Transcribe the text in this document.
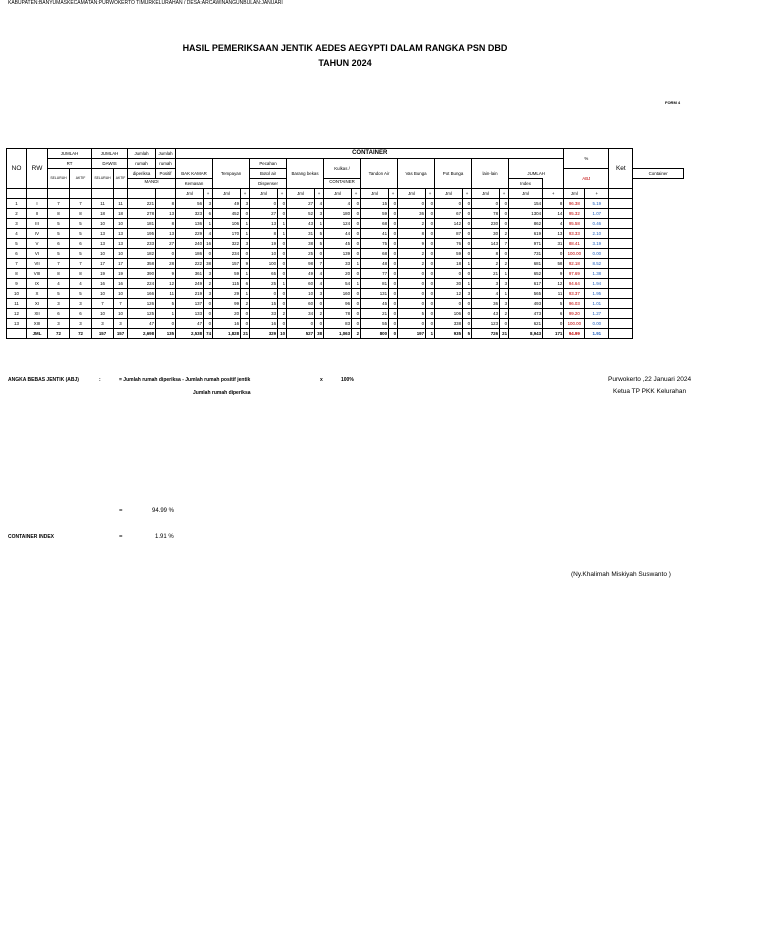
HASIL PEMERIKSAAN JENTIK AEDES AEGYPTI DALAM RANGKA PSN DBD
TAHUN 2024
FORM 4
KABUPATEN:BANYUMASKECAMATAN:PURWOKERTO TIMURKELURAHAN / DESA:ARCAWINANGUNBULAN:JANUARI
NO	RW	JUMLAH		JUMLAH		Jumlah	Jumlah	CONTAINER																				%		Ket	
		RT		DAWIS		rumah	rumah	BAK KAMAR		Tempayan		Pecahan		Barang bekas		Kulkas /		Tandon Air		Vas Bunga		Pot Bunga		lain-lain		JUMLAH					
		SELURUH	AKTIF	SELURUH	AKTIF	diperiksa	Positif					Botol air																ABJ			Container
						MANDI		Kemasan				Dispenser				CONTAINER										Index					
								Jml	+	Jml	+	Jml	+	Jml	+	Jml	+	Jml	+	Jml	+	Jml	+	Jml	+	Jml	+	Jml	+		
1	I	7	7	11	11	221	8	56	3	49	3	0	0	27	4	4	0	15	0	0	0	0	0	0	0	154	8	96.38	5.19		
2	II	8	8	18	18	278	13	323	6	452	0	27	0	52	3	180	0	59	0	36	0	67	0	78	0	1304	14	95.32	1.07		
3	III	5	5	10	10	181	8	136	1	106	1	13	1	43	1	124	0	68	0	2	0	142	0	230	0	862	4	95.58	0.46		
4	IV	5	5	13	13	195	13	229	4	170	1	8	1	31	5	44	0	41	0	8	0	87	0	30	2	619	13	93.33	2.10		
5	V	6	6	13	13	233	27	240	16	322	3	19	0	38	5	45	0	75	0	9	0	76	0	143	7	971	31	88.41	3.19		
6	VI	5	5	10	10	182	0	186	0	234	0	10	0	25	0	139	0	68	0	2	0	59	0	8	0	731	0	100.00	0.00		
7	VII	7	7	17	17	358	28	222	38	157	9	100	0	98	7	33	1	48	0	2	0	18	1	2	2	681	58	92.18	8.52		
8	VIII	8	8	19	19	390	9	361	3	59	1	65	0	49	4	20	0	77	0	0	0	0	0	21	1	652	9	97.69	1.38		
9	IX	4	4	16	16	224	12	249	2	115	6	25	1	60	4	54	1	81	0	0	0	30	1	3	3	617	12	94.64	1.94		
10	X	5	5	10	10	166	11	219	3	29	1	0	0	10	3	160	0	131	0	0	0	12	3	4	1	565	11	93.37	1.95		
11	XI	3	3	7	7	126	5	137	0	99	2	15	0	60	0	96	0	45	0	0	0	0	0	36	3	493	5	96.03	1.01		
12	XII	6	6	10	10	125	1	133	0	20	0	33	2	34	2	78	0	21	0	5	0	106	0	43	2	473	6	99.20	1.27		
13	XIII	3	3	3	3	47	0	47	0	16	0	16	0	0	0	83	0	55	0	0	0	338	0	123	0	621	0	100.00	0.00		
	JML	72	72	157	157	2,698	135	2,538	74	1,828	21	329	10	527	38	1,063	2	800	0	197	1	935	5	726	21	8,943	171	94.99	1.91		
ANGKA BEBAS JENTIK (ABJ)	:	= Jumlah rumah diperiksa - Jumlah rumah positif jentik	x	100%
Jumlah rumah diperiksa
Purwokerto ,22 Januari 2024
Ketua TP PKK Kelurahan
=	94.99 %
CONTAINER INDEX	=	1.91 %
(Ny.Khalimah Miskiyah Suswanto )
